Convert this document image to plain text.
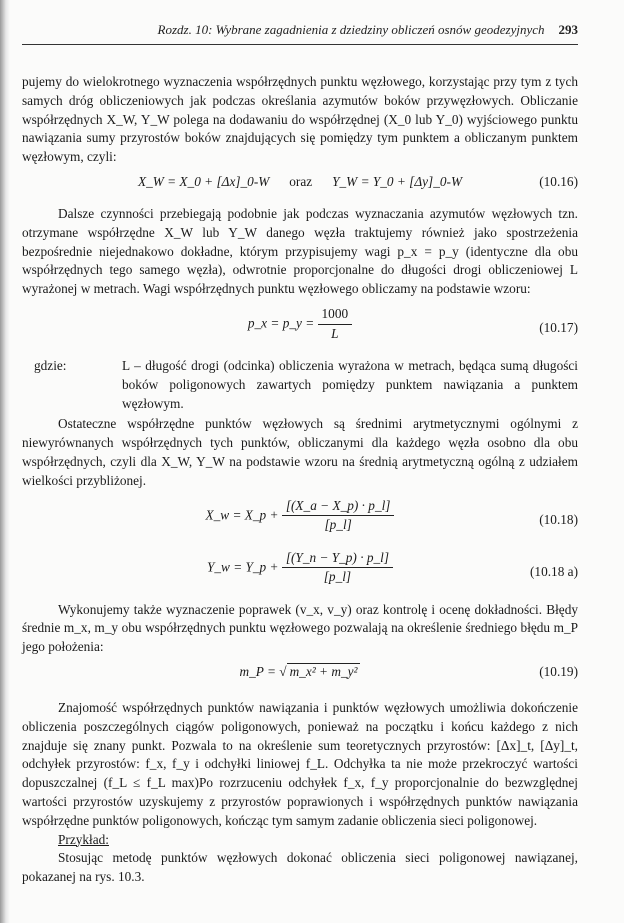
Rozdz. 10: Wybrane zagadnienia z dziedziny obliczeń osnów geodezyjnych 293

pujemy do wielokrotnego wyznaczenia współrzędnych punktu węzłowego, korzystając przy tym z tych samych dróg obliczeniowych jak podczas określania azymutów boków przywęzłowych. Obliczanie współrzędnych X_W, Y_W polega na dodawaniu do współrzędnej (X_0 lub Y_0) wyjściowego punktu nawiązania sumy przyrostów boków znajdujących się pomiędzy tym punktem a obliczanym punktem węzłowym, czyli:

X_W = X_0 + [Δx]_0-W oraz Y_W = Y_0 + [Δy]_0-W	(10.16)

Dalsze czynności przebiegają podobnie jak podczas wyznaczania azymutów węzłowych tzn. otrzymane współrzędne X_W lub Y_W danego węzła traktujemy również jako spostrzeżenia bezpośrednie niejednakowo dokładne, którym przypisujemy wagi p_x = p_y (identyczne dla obu współrzędnych tego samego węzła), odwrotnie proporcjonalne do długości drogi obliczeniowej L wyrażonej w metrach. Wagi współrzędnych punktu węzłowego obliczamy na podstawie wzoru:

p_x = p_y = $\frac{1000}{L}$	(10.17)
gdzie:	L – długość drogi (odcinka) obliczenia wyrażona w metrach, będąca sumą długości boków poligonowych zawartych pomiędzy punktem nawiązania a punktem węzłowym.

Ostateczne współrzędne punktów węzłowych są średnimi arytmetycznymi ogólnymi z niewyrównanych współrzędnych tych punktów, obliczanymi dla każdego węzła osobno dla obu współrzędnych, czyli dla X_W, Y_W na podstawie wzoru na średnią arytmetyczną ogólną z udziałem wielkości przybliżonej.

X_w = X_p + $\frac{[(X\_a - X\_p) \cdot p\_l]}{[p\_l]}$	(10.18)
Y_w = Y_p + $\frac{[(Y\_n - Y\_p) \cdot p\_l]}{[p\_l]}$	(10.18 a)

Wykonujemy także wyznaczenie poprawek (v_x, v_y) oraz kontrolę i ocenę dokładności. Błędy średnie m_x, m_y obu współrzędnych punktu węzłowego pozwalają na określenie średniego błędu m_P jego położenia:

m_P = √ m_x² + m_y²	(10.19)

Znajomość współrzędnych punktów nawiązania i punktów węzłowych umożliwia dokończenie obliczenia poszczególnych ciągów poligonowych, ponieważ na początku i końcu każdego z nich znajduje się znany punkt. Pozwala to na określenie sum teoretycznych przyrostów: [Δx]_t, [Δy]_t, odchyłek przyrostów: f_x, f_y i odchyłki liniowej f_L. Odchyłka ta nie może przekroczyć wartości dopuszczalnej (f_L ≤ f_L max)Po rozrzuceniu odchyłek f_x, f_y proporcjonalnie do bezwzględnej wartości przyrostów uzyskujemy z przyrostów poprawionych i współrzędnych punktów nawiązania współrzędne punktów poligonowych, kończąc tym samym zadanie obliczenia sieci poligonowej.

Przykład:

Stosując metodę punktów węzłowych dokonać obliczenia sieci poligonowej nawiązanej, pokazanej na rys. 10.3.
